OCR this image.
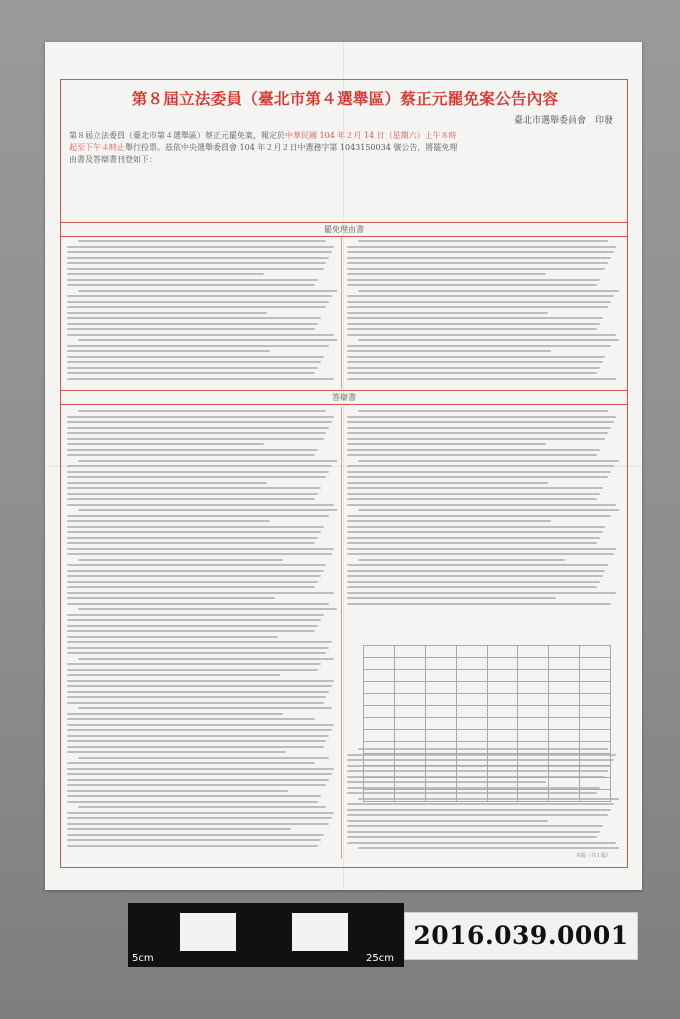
第８屆立法委員（臺北市第４選舉區）蔡正元罷免案公告內容
臺北市選舉委員會　印發
第８屆立法委員（臺北市第４選舉區）蔡正元罷免案，報定於中華民國 104 年２月 14 日（星期六）上午８時
起至下午４時止舉行投票。茲依中央選舉委員會 104 年２月２日中選務字第 1043150034 號公告，將罷免理
由書及答辯書刊登如下：
罷免理由書
答辯書

本版（共１版）
5cm	25cm
2016.039.0001
